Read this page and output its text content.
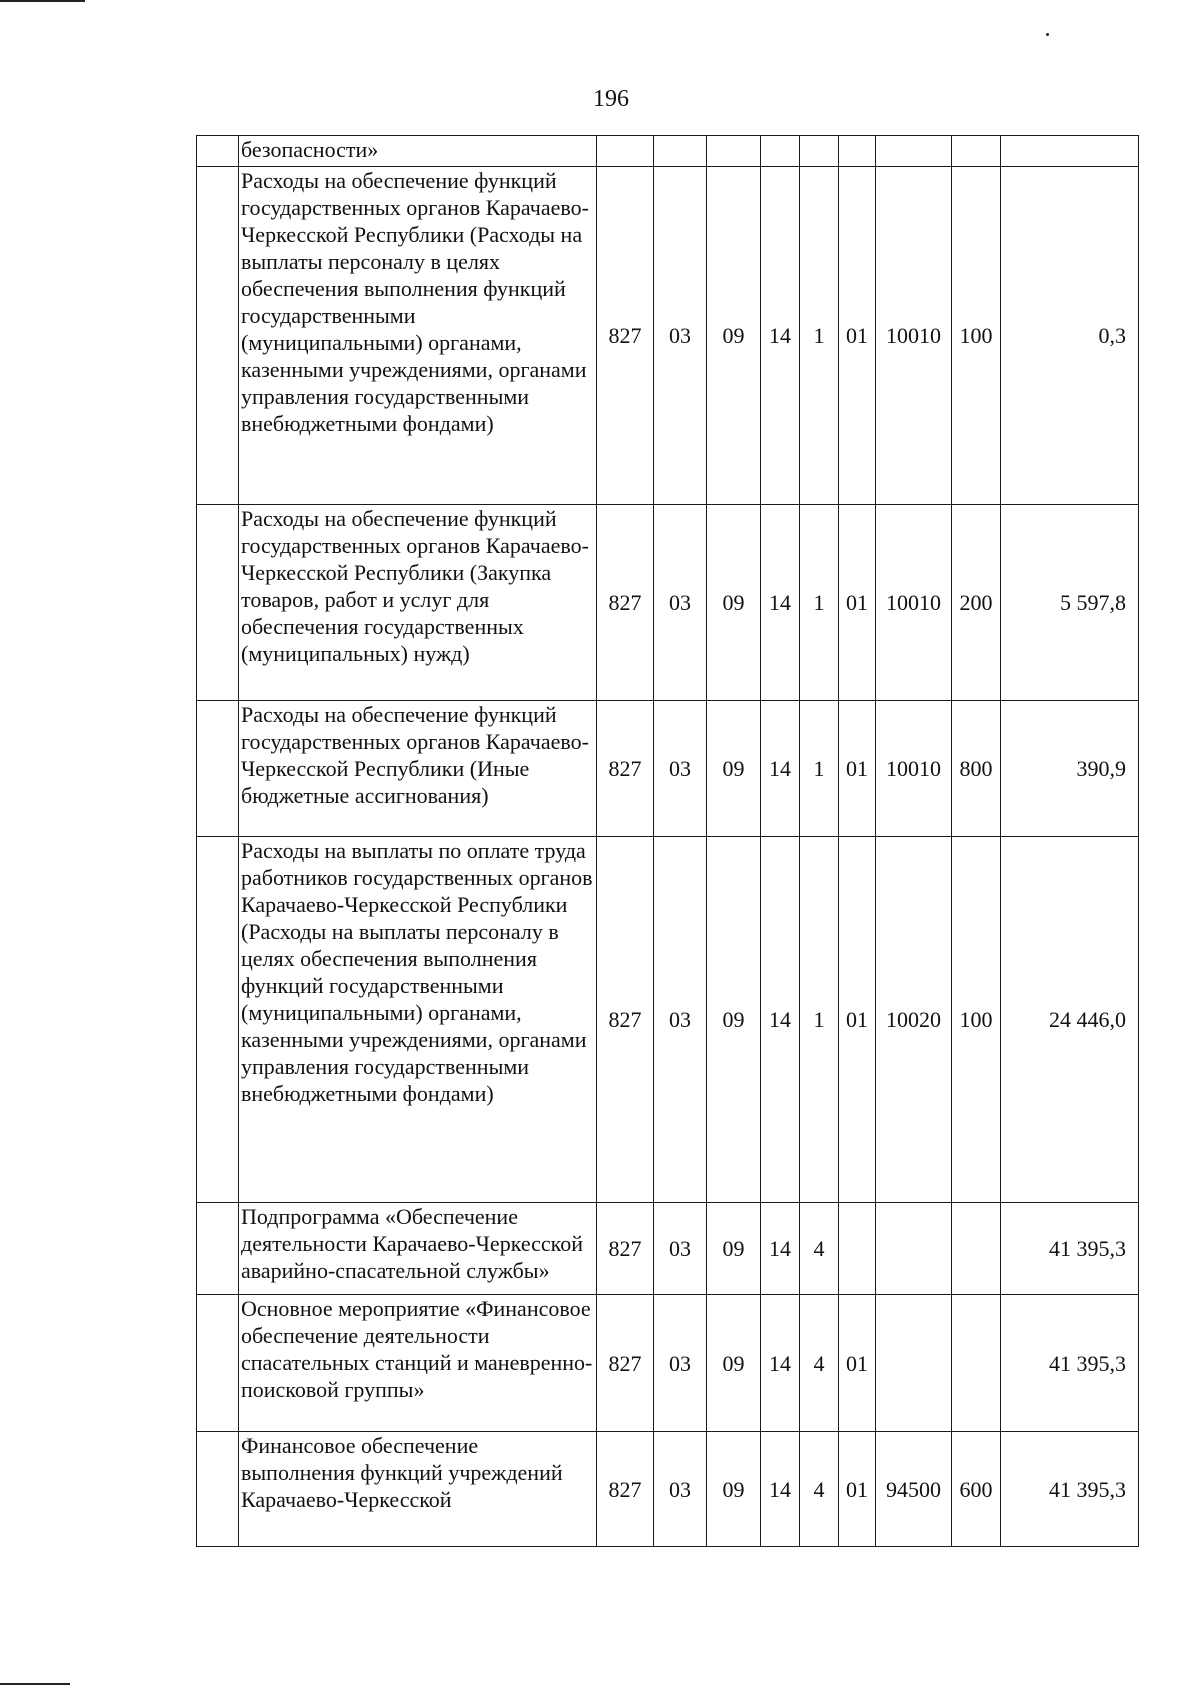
196
	безопасности»									
	Расходы на обеспечение функций государственных органов Карачаево-Черкесской Республики (Расходы на выплаты персоналу в целях обеспечения выполнения функций государственными (муниципальными) органами, казенными учреждениями, органами управления государственными внебюджетными фондами)	827	03	09	14	1	01	10010	100	0,3
	Расходы на обеспечение функций государственных органов Карачаево-Черкесской Республики (Закупка товаров, работ и услуг для обеспечения государственных (муниципальных) нужд)	827	03	09	14	1	01	10010	200	5 597,8
	Расходы на обеспечение функций государственных органов Карачаево-Черкесской Республики (Иные бюджетные ассигнования)	827	03	09	14	1	01	10010	800	390,9
	Расходы на выплаты по оплате труда работников государственных органов Карачаево-Черкесской Республики (Расходы на выплаты персоналу в целях обеспечения выполнения функций государственными (муниципальными) органами, казенными учреждениями, органами управления государственными внебюджетными фондами)	827	03	09	14	1	01	10020	100	24 446,0
	Подпрограмма «Обеспечение деятельности Карачаево-Черкесской аварийно-спасательной службы»	827	03	09	14	4				41 395,3
	Основное мероприятие «Финансовое обеспечение деятельности спасательных станций и маневренно-поисковой группы»	827	03	09	14	4	01			41 395,3
	Финансовое обеспечение выполнения функций учреждений Карачаево-Черкесской	827	03	09	14	4	01	94500	600	41 395,3
